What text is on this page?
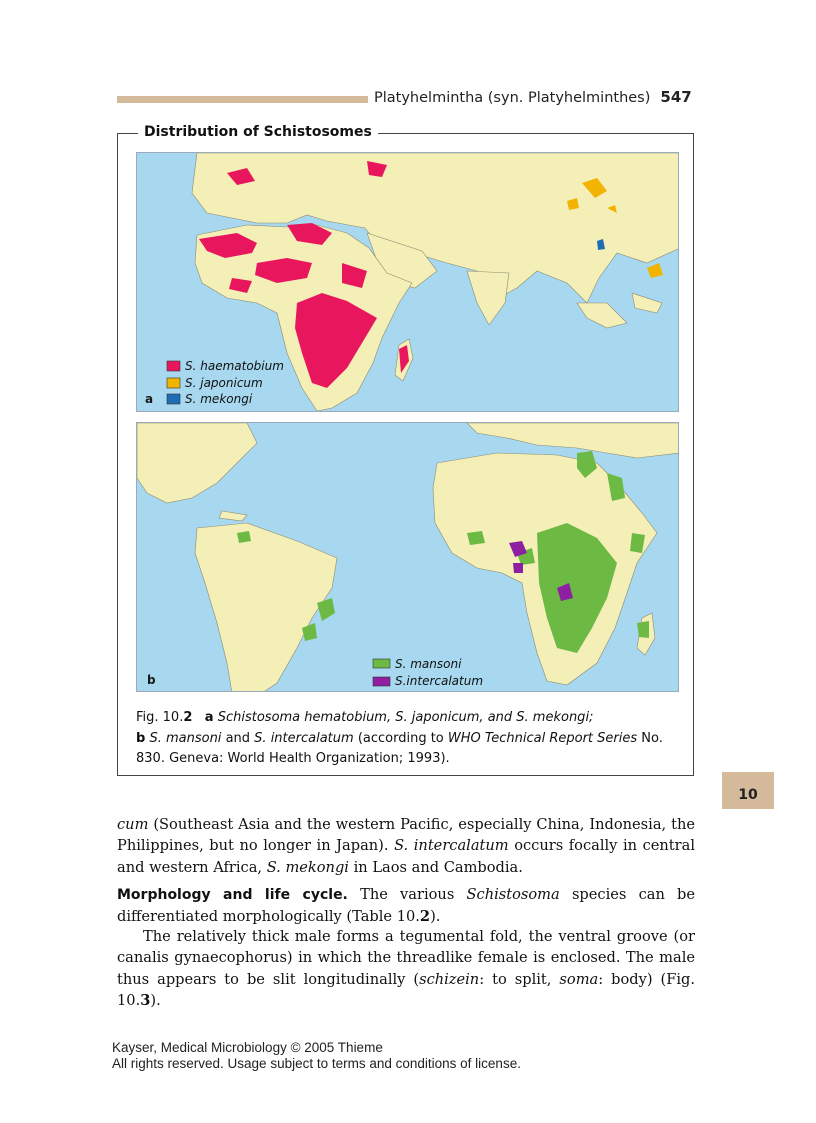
Platyhelmintha (syn. Platyhelminthes) 547
Distribution of Schistosomes
S. haematobium
S. japonicum
S. mekongi
a
S. mansoni
S.intercalatum
b
Fig. 10.2 a Schistosoma hematobium, S. japonicum, and S. mekongi;
b S. mansoni and S. intercalatum (according to WHO Technical Report Series No. 830. Geneva: World Health Organization; 1993).
10
cum (Southeast Asia and the western Pacific, especially China, Indonesia, the Philippines, but no longer in Japan). S. intercalatum occurs focally in central and western Africa, S. mekongi in Laos and Cambodia.
Morphology and life cycle. The various Schistosoma species can be differentiated morphologically (Table 10.2).
The relatively thick male forms a tegumental fold, the ventral groove (or canalis gynaecophorus) in which the threadlike female is enclosed. The male thus appears to be slit longitudinally (schizein: to split, soma: body) (Fig. 10.3).
Kayser, Medical Microbiology © 2005 Thieme
All rights reserved. Usage subject to terms and conditions of license.
